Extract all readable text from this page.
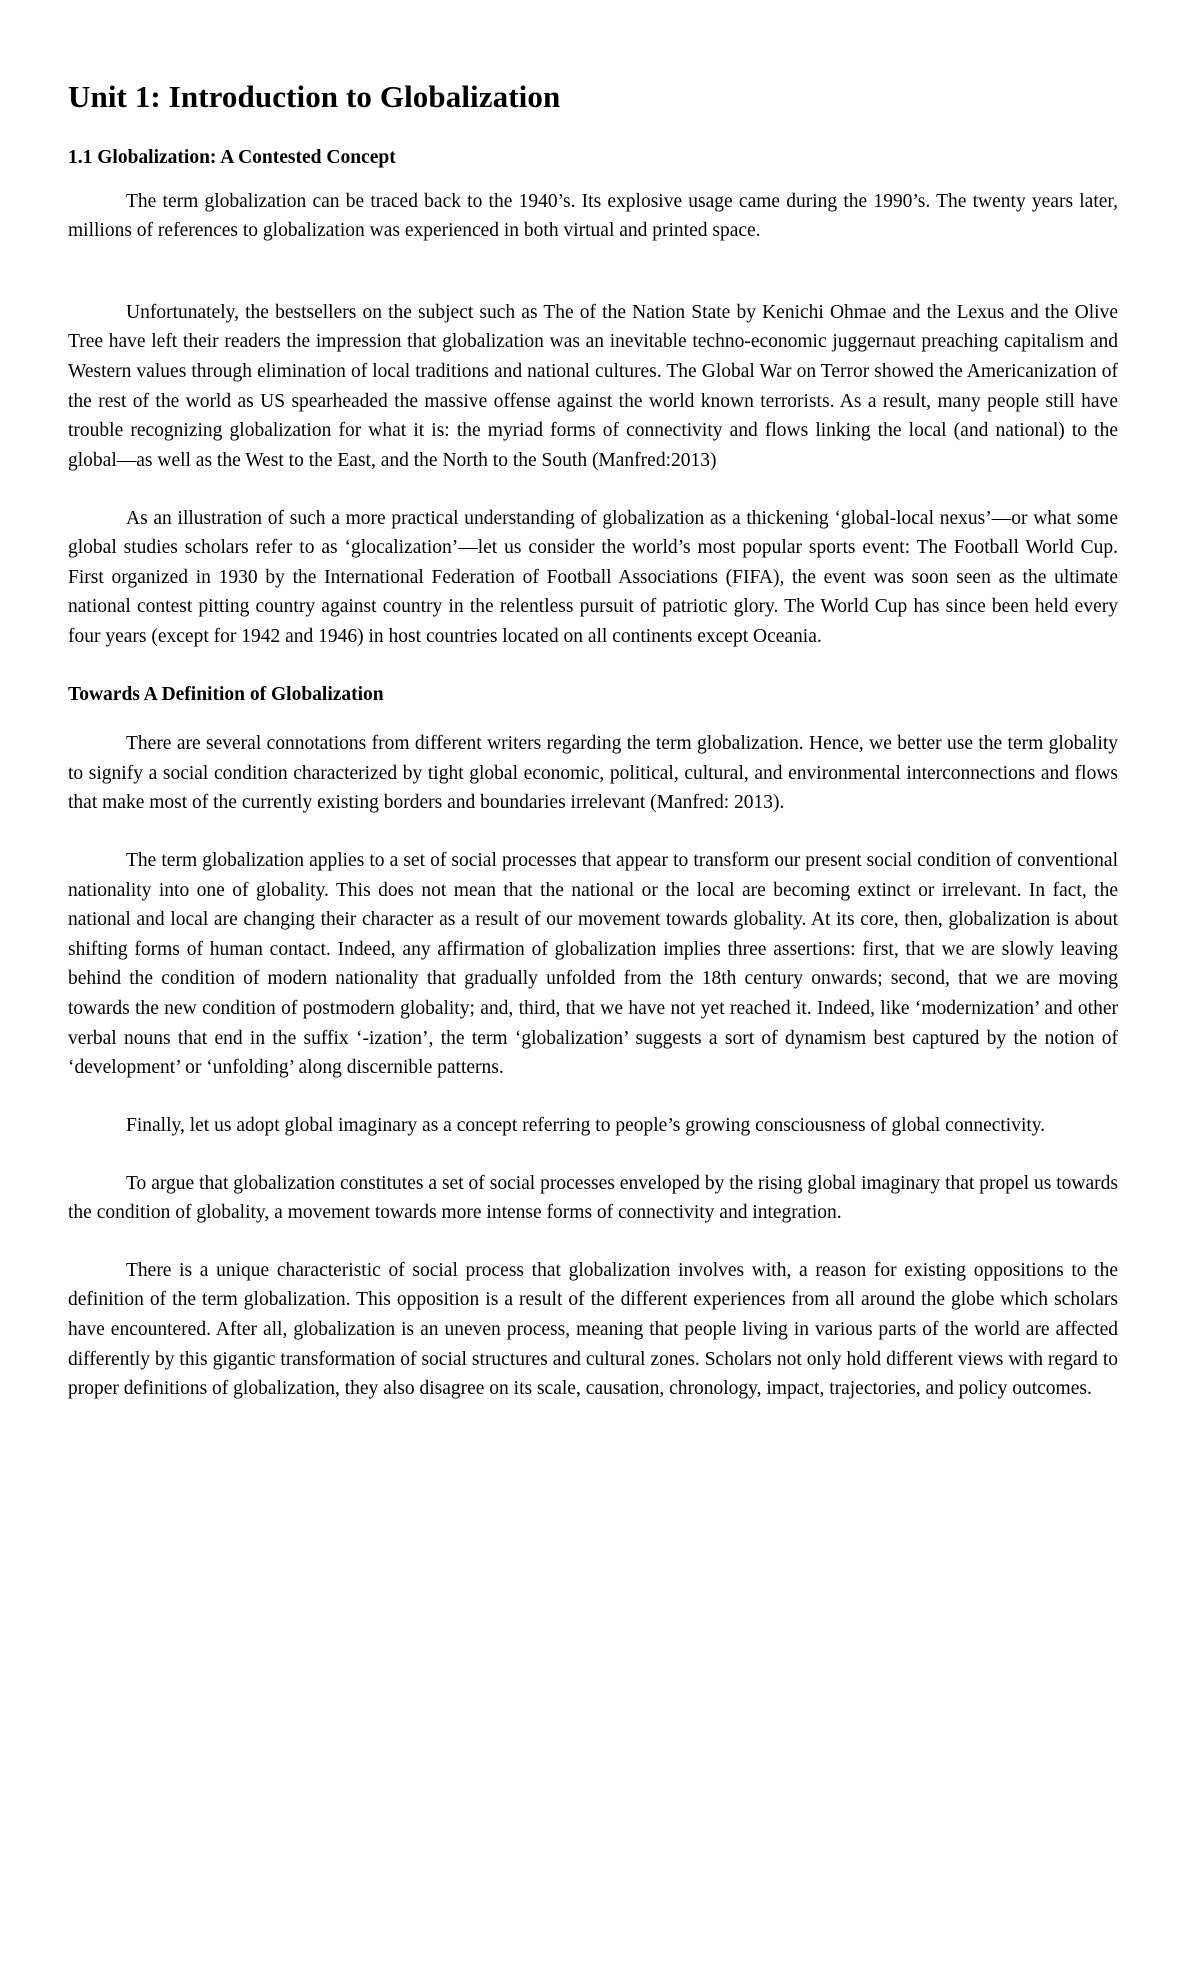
Unit 1: Introduction to Globalization
1.1 Globalization: A Contested Concept

The term globalization can be traced back to the 1940’s. Its explosive usage came during the 1990’s. The twenty years later, millions of references to globalization was experienced in both virtual and printed space.

Unfortunately, the bestsellers on the subject such as The of the Nation State by Kenichi Ohmae and the Lexus and the Olive Tree have left their readers the impression that globalization was an inevitable techno-economic juggernaut preaching capitalism and Western values through elimination of local traditions and national cultures. The Global War on Terror showed the Americanization of the rest of the world as US spearheaded the massive offense against the world known terrorists. As a result, many people still have trouble recognizing globalization for what it is: the myriad forms of connectivity and flows linking the local (and national) to the global—as well as the West to the East, and the North to the South (Manfred:2013)

As an illustration of such a more practical understanding of globalization as a thickening ‘global-local nexus’—or what some global studies scholars refer to as ‘glocalization’—let us consider the world’s most popular sports event: The Football World Cup. First organized in 1930 by the International Federation of Football Associations (FIFA), the event was soon seen as the ultimate national contest pitting country against country in the relentless pursuit of patriotic glory. The World Cup has since been held every four years (except for 1942 and 1946) in host countries located on all continents except Oceania.

Towards A Definition of Globalization

There are several connotations from different writers regarding the term globalization. Hence, we better use the term globality to signify a social condition characterized by tight global economic, political, cultural, and environmental interconnections and flows that make most of the currently existing borders and boundaries irrelevant (Manfred: 2013).

The term globalization applies to a set of social processes that appear to transform our present social condition of conventional nationality into one of globality. This does not mean that the national or the local are becoming extinct or irrelevant. In fact, the national and local are changing their character as a result of our movement towards globality. At its core, then, globalization is about shifting forms of human contact. Indeed, any affirmation of globalization implies three assertions: first, that we are slowly leaving behind the condition of modern nationality that gradually unfolded from the 18th century onwards; second, that we are moving towards the new condition of postmodern globality; and, third, that we have not yet reached it. Indeed, like ‘modernization’ and other verbal nouns that end in the suffix ‘-ization’, the term ‘globalization’ suggests a sort of dynamism best captured by the notion of ‘development’ or ‘unfolding’ along discernible patterns.

Finally, let us adopt global imaginary as a concept referring to people’s growing consciousness of global connectivity.

To argue that globalization constitutes a set of social processes enveloped by the rising global imaginary that propel us towards the condition of globality, a movement towards more intense forms of connectivity and integration.

There is a unique characteristic of social process that globalization involves with, a reason for existing oppositions to the definition of the term globalization. This opposition is a result of the different experiences from all around the globe which scholars have encountered. After all, globalization is an uneven process, meaning that people living in various parts of the world are affected differently by this gigantic transformation of social structures and cultural zones. Scholars not only hold different views with regard to proper definitions of globalization, they also disagree on its scale, causation, chronology, impact, trajectories, and policy outcomes.
